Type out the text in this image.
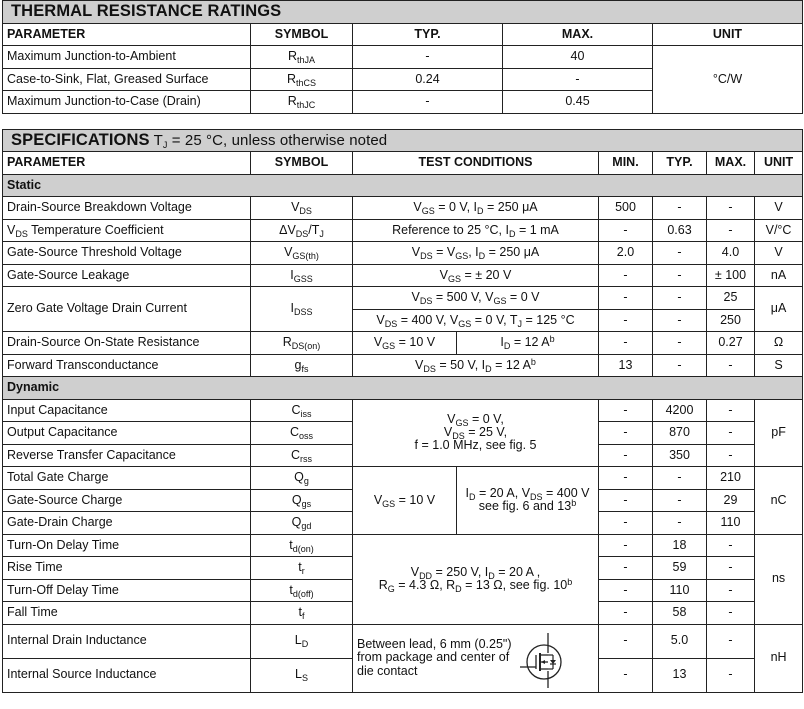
THERMAL RESISTANCE RATINGS				
PARAMETER	SYMBOL	TYP.	MAX.	UNIT
Maximum Junction-to-Ambient	$R_{thJA}$	-	40	°C/W
Case-to-Sink, Flat, Greased Surface	$R_{thCS}$	0.24	-	
Maximum Junction-to-Case (Drain)	$R_{thJC}$	-	0.45	
SPECIFICATIONS $T_J = 25$ °C, unless otherwise noted							
PARAMETER	SYMBOL	TEST CONDITIONS		MIN.	TYP.	MAX.	UNIT
Static							
Drain-Source Breakdown Voltage	$V_{DS}$	$V_{GS} = 0$ V, $I_D = 250$ μA		500	-	-	V
$V_{DS}$ Temperature Coefficient	$\Delta V_{DS}/T_J$	Reference to 25 °C, $I_D = 1$ mA		-	0.63	-	V/°C
Gate-Source Threshold Voltage	$V_{GS(th)}$	$V_{DS} = V_{GS}$, $I_D = 250$ μA		2.0	-	4.0	V
Gate-Source Leakage	$I_{GSS}$	$V_{GS}$ = ± 20 V		-	-	± 100	nA
Zero Gate Voltage Drain Current	$I_{DSS}$	$V_{DS} = 500$ V, $V_{GS} = 0$ V		-	-	25	μA
		$V_{DS} = 400$ V, $V_{GS} = 0$ V, $T_J = 125$ °C		-	-	250	
Drain-Source On-State Resistance	$R_{DS(on)}$	$V_{GS} = 10$ V	$I_D = 12$ $A^b$	-	-	0.27	Ω
Forward Transconductance	$g_{fs}$	$V_{DS} = 50$ V, $I_D = 12$ $A^b$		13	-	-	S
Dynamic							
Input Capacitance	$C_{iss}$	$V_{GS} = 0$ V,
$V_{DS} = 25$ V,
f = 1.0 MHz, see fig. 5		-	4200	-	pF
Output Capacitance	$C_{oss}$			-	870	-	
Reverse Transfer Capacitance	$C_{rss}$			-	350	-	
Total Gate Charge	$Q_g$	$V_{GS} = 10$ V	$I_D = 20$ A, $V_{DS} = 400$ V
see fig. 6 and 13$^b$	-	-	210	nC
Gate-Source Charge	$Q_{gs}$			-	-	29	
Gate-Drain Charge	$Q_{gd}$			-	-	110	
Turn-On Delay Time	$t_{d(on)}$	$V_{DD} = 250$ V, $I_D = 20$ A ,
$R_G = 4.3$ Ω, $R_D = 13$ Ω, see fig. 10$^b$		-	18	-	ns
Rise Time	$t_r$			-	59	-	
Turn-Off Delay Time	$t_{d(off)}$			-	110	-	
Fall Time	$t_f$			-	58	-	
Internal Drain Inductance	$L_D$	Between lead, 6 mm (0.25") from package and center of die contact		-	5.0	-	nH
Internal Source Inductance	$L_S$			-	13	-	
